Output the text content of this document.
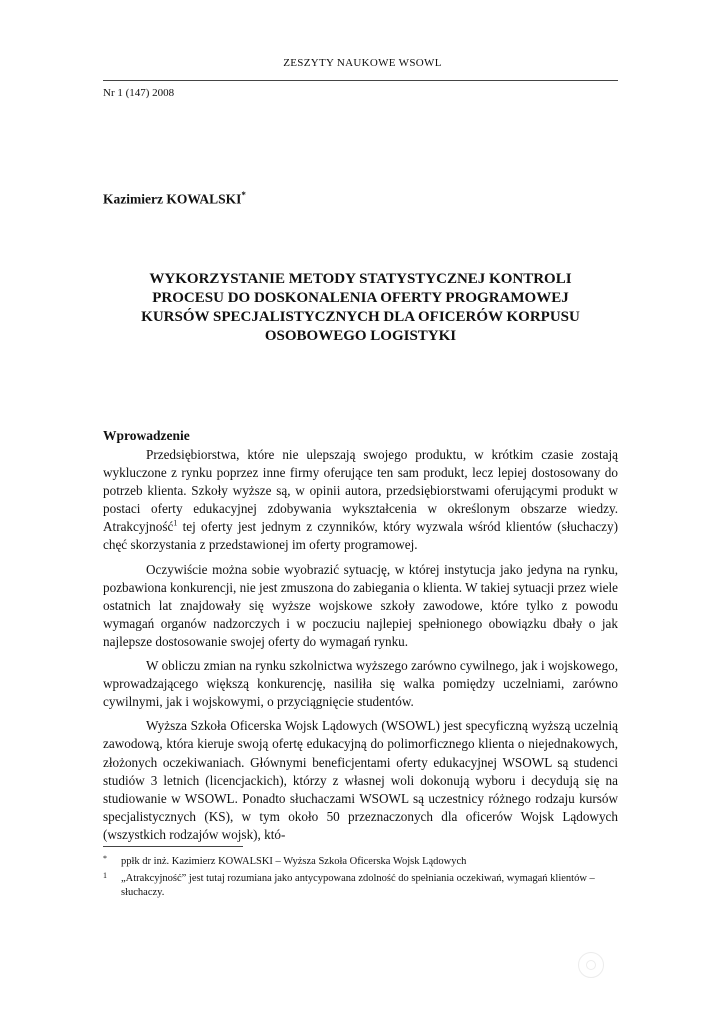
ZESZYTY NAUKOWE WSOWL
Nr 1 (147) 2008
Kazimierz KOWALSKI*
WYKORZYSTANIE METODY STATYSTYCZNEJ KONTROLI
PROCESU DO DOSKONALENIA OFERTY PROGRAMOWEJ
KURSÓW SPECJALISTYCZNYCH DLA OFICERÓW KORPUSU
OSOBOWEGO LOGISTYKI
Wprowadzenie

Przedsiębiorstwa, które nie ulepszają swojego produktu, w krótkim czasie zostają wykluczone z rynku poprzez inne firmy oferujące ten sam produkt, lecz lepiej dostosowany do potrzeb klienta. Szkoły wyższe są, w opinii autora, przedsiębiorstwami oferującymi produkt w postaci oferty edukacyjnej zdobywania wykształcenia w określonym obszarze wiedzy. Atrakcyjność$^1$ tej oferty jest jednym z czynników, który wyzwala wśród klientów (słuchaczy) chęć skorzystania z przedstawionej im oferty programowej.

Oczywiście można sobie wyobrazić sytuację, w której instytucja jako jedyna na rynku, pozbawiona konkurencji, nie jest zmuszona do zabiegania o klienta. W takiej sytuacji przez wiele ostatnich lat znajdowały się wyższe wojskowe szkoły zawodowe, które tylko z powodu wymagań organów nadzorczych i w poczuciu najlepiej spełnionego obowiązku dbały o jak najlepsze dostosowanie swojej oferty do wymagań rynku.

W obliczu zmian na rynku szkolnictwa wyższego zarówno cywilnego, jak i wojskowego, wprowadzającego większą konkurencję, nasiliła się walka pomiędzy uczelniami, zarówno cywilnymi, jak i wojskowymi, o przyciągnięcie studentów.

Wyższa Szkoła Oficerska Wojsk Lądowych (WSOWL) jest specyficzną wyższą uczelnią zawodową, która kieruje swoją ofertę edukacyjną do polimorficznego klienta o niejednakowych, złożonych oczekiwaniach. Głównymi beneficjentami oferty edukacyjnej WSOWL są studenci studiów 3 letnich (licencjackich), którzy z własnej woli dokonują wyboru i decydują się na studiowanie w WSOWL. Ponadto słuchaczami WSOWL są uczestnicy różnego rodzaju kursów specjalistycznych (KS), w tym około 50 przeznaczonych dla oficerów Wojsk Lądowych (wszystkich rodzajów wojsk), któ-

* ppłk dr inż. Kazimierz KOWALSKI – Wyższa Szkoła Oficerska Wojsk Lądowych
1 „Atrakcyjność” jest tutaj rozumiana jako antycypowana zdolność do spełniania oczekiwań, wymagań klientów – słuchaczy.
